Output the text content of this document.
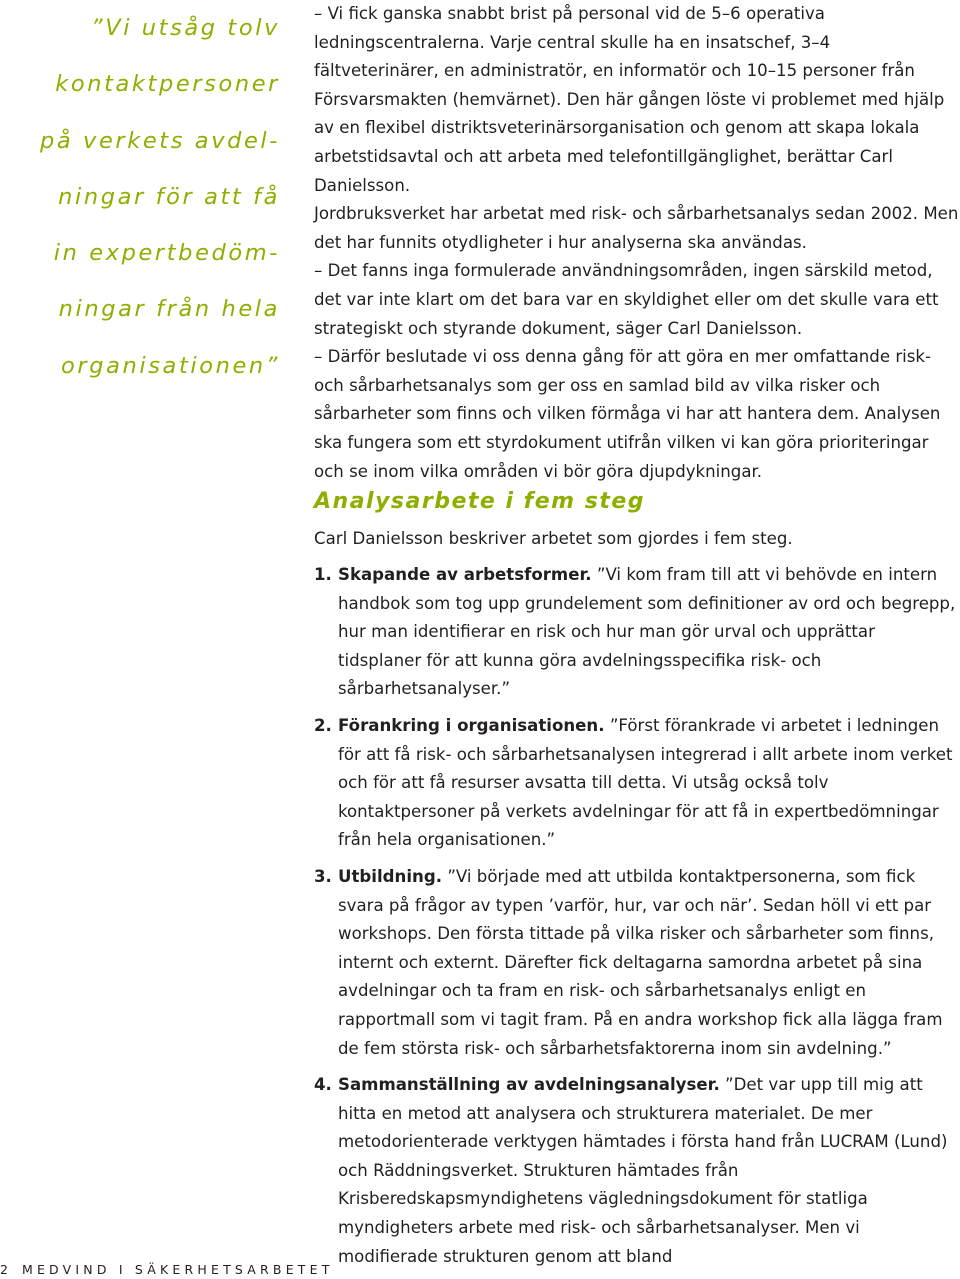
”Vi utsåg tolv
kontaktpersoner
på verkets avdel-
ningar för att få
in expertbedöm-
ningar från hela
organisationen”

– Vi fick ganska snabbt brist på personal vid de 5–6 operativa ledningscentralerna. Varje central skulle ha en insatschef, 3–4 fältveterinärer, en administratör, en informatör och 10–15 personer från Försvarsmakten (hemvärnet). Den här gången löste vi problemet med hjälp av en flexibel distriktsveterinärsorganisation och genom att skapa lokala arbetstidsavtal och att arbeta med telefontillgänglighet, berättar Carl Danielsson.

Jordbruksverket har arbetat med risk- och sårbarhetsanalys sedan 2002. Men det har funnits otydligheter i hur analyserna ska användas.

– Det fanns inga formulerade användningsområden, ingen särskild metod, det var inte klart om det bara var en skyldighet eller om det skulle vara ett strategiskt och styrande dokument, säger Carl Danielsson.

– Därför beslutade vi oss denna gång för att göra en mer omfattande risk- och sårbarhetsanalys som ger oss en samlad bild av vilka risker och sårbarheter som finns och vilken förmåga vi har att hantera dem. Analysen ska fungera som ett styrdokument utifrån vilken vi kan göra prioriteringar och se inom vilka områden vi bör göra djupdykningar.

Analysarbete i fem steg
Carl Danielsson beskriver arbetet som gjordes i fem steg.
1. Skapande av arbetsformer. ”Vi kom fram till att vi behövde en intern handbok som tog upp grundelement som definitioner av ord och begrepp, hur man identifierar en risk och hur man gör urval och upprättar tidsplaner för att kunna göra avdelningsspecifika risk- och sårbarhetsanalyser.”
2. Förankring i organisationen. ”Först förankrade vi arbetet i ledningen för att få risk- och sårbarhetsanalysen integrerad i allt arbete inom verket och för att få resurser avsatta till detta. Vi utsåg också tolv kontaktpersoner på verkets avdelningar för att få in expertbedömningar från hela organisationen.”
3. Utbildning. ”Vi började med att utbilda kontaktpersonerna, som fick svara på frågor av typen ’varför, hur, var och när’. Sedan höll vi ett par workshops. Den första tittade på vilka risker och sårbarheter som finns, internt och externt. Därefter fick deltagarna samordna arbetet på sina avdelningar och ta fram en risk- och sårbarhetsanalys enligt en rapportmall som vi tagit fram. På en andra workshop fick alla lägga fram de fem största risk- och sårbarhetsfaktorerna inom sin avdelning.”
4. Sammanställning av avdelningsanalyser. ”Det var upp till mig att hitta en metod att analysera och strukturera materialet. De mer metodorienterade verktygen hämtades i första hand från LUCRAM (Lund) och Räddningsverket. Strukturen hämtades från Krisberedskapsmyndighetens vägledningsdokument för statliga myndigheters arbete med risk- och sårbarhetsanalyser. Men vi modifierade strukturen genom att bland
2 MEDVIND I SÄKERHETSARBETET
